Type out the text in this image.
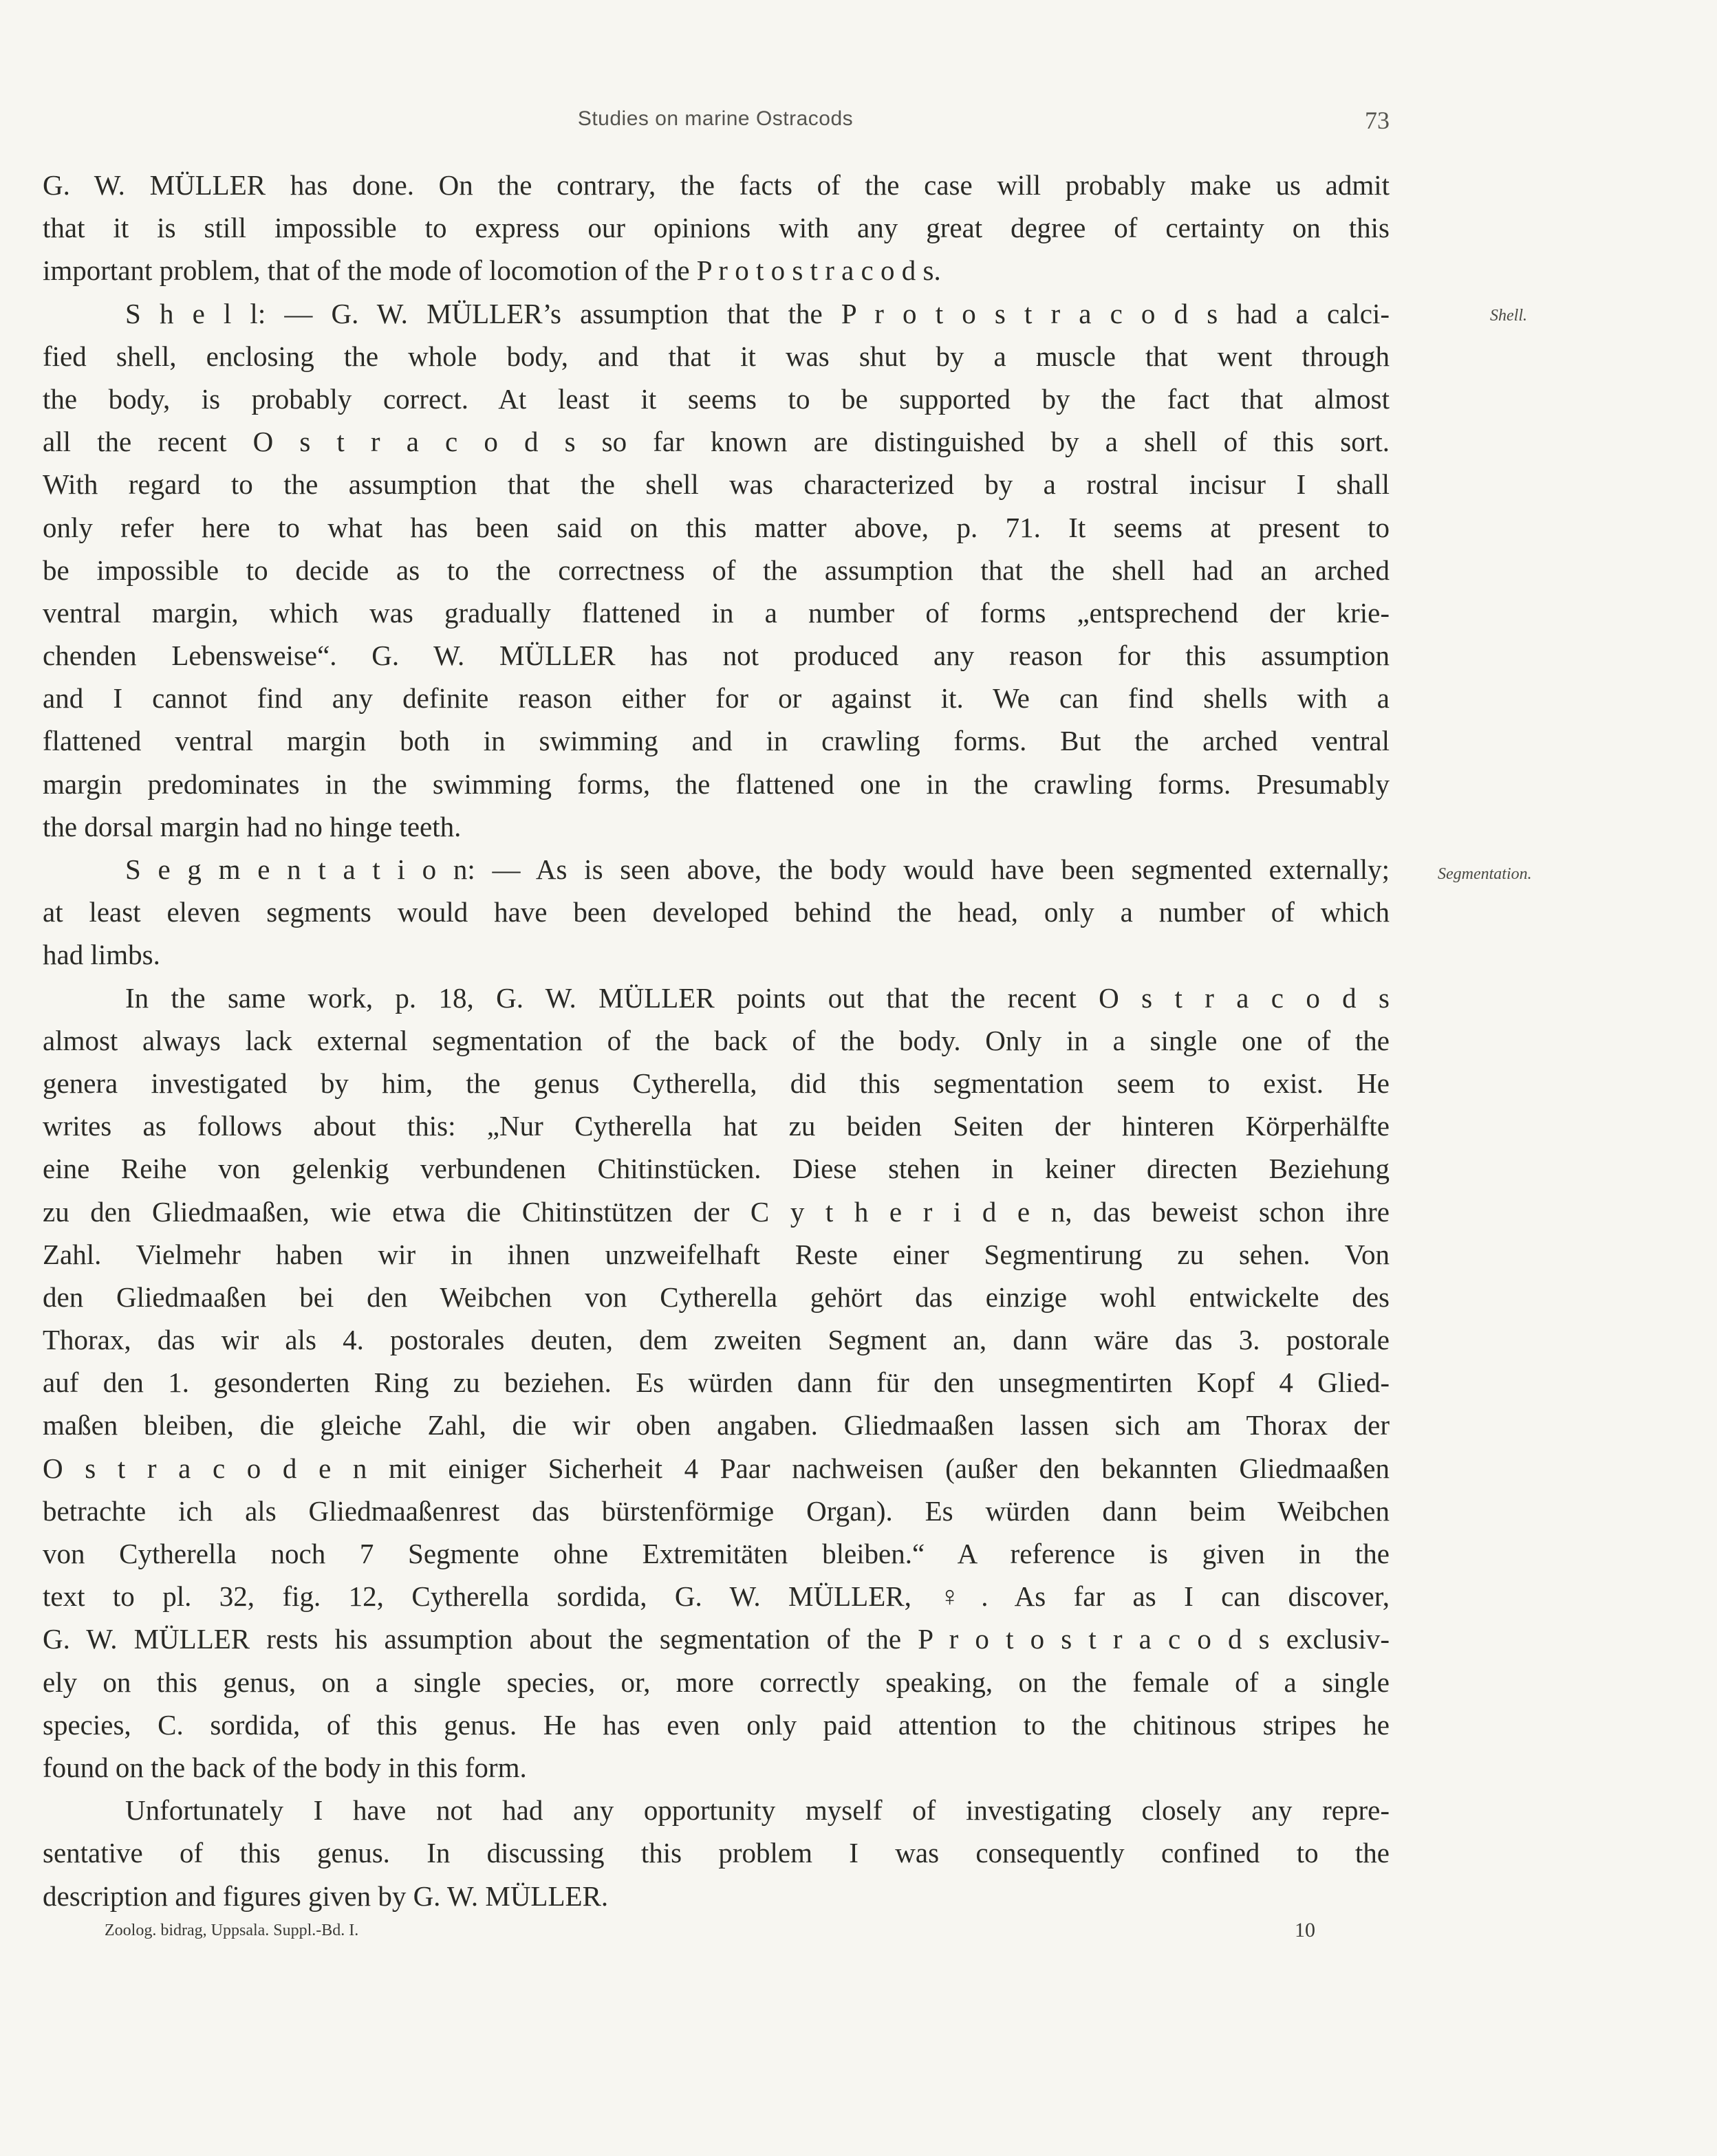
Studies on marine Ostracods	73
G. W. MÜLLER has done. On the contrary, the facts of the case will probably make us admit
that it is still impossible to express our opinions with any great degree of certainty on this
important problem, that of the mode of locomotion of the P r o t o s t r a c o d s.
S h e l l: — G. W. MÜLLER’s assumption that the P r o t o s t r a c o d s had a calci-
fied shell, enclosing the whole body, and that it was shut by a muscle that went through
the body, is probably correct. At least it seems to be supported by the fact that almost
all the recent O s t r a c o d s so far known are distinguished by a shell of this sort.
With regard to the assumption that the shell was characterized by a rostral incisur I shall
only refer here to what has been said on this matter above, p. 71. It seems at present to
be impossible to decide as to the correctness of the assumption that the shell had an arched
ventral margin, which was gradually flattened in a number of forms „entsprechend der krie-
chenden Lebensweise“. G. W. MÜLLER has not produced any reason for this assumption
and I cannot find any definite reason either for or against it. We can find shells with a
flattened ventral margin both in swimming and in crawling forms. But the arched ventral
margin predominates in the swimming forms, the flattened one in the crawling forms. Presumably
the dorsal margin had no hinge teeth.
S e g m e n t a t i o n: — As is seen above, the body would have been segmented externally;
at least eleven segments would have been developed behind the head, only a number of which
had limbs.
In the same work, p. 18, G. W. MÜLLER points out that the recent O s t r a c o d s
almost always lack external segmentation of the back of the body. Only in a single one of the
genera investigated by him, the genus Cytherella, did this segmentation seem to exist. He
writes as follows about this: „Nur Cytherella hat zu beiden Seiten der hinteren Körperhälfte
eine Reihe von gelenkig verbundenen Chitinstücken. Diese stehen in keiner directen Beziehung
zu den Gliedmaaßen, wie etwa die Chitinstützen der C y t h e r i d e n, das beweist schon ihre
Zahl. Vielmehr haben wir in ihnen unzweifelhaft Reste einer Segmentirung zu sehen. Von
den Gliedmaaßen bei den Weibchen von Cytherella gehört das einzige wohl entwickelte des
Thorax, das wir als 4. postorales deuten, dem zweiten Segment an, dann wäre das 3. postorale
auf den 1. gesonderten Ring zu beziehen. Es würden dann für den unsegmentirten Kopf 4 Glied-
maßen bleiben, die gleiche Zahl, die wir oben angaben. Gliedmaaßen lassen sich am Thorax der
O s t r a c o d e n mit einiger Sicherheit 4 Paar nachweisen (außer den bekannten Gliedmaaßen
betrachte ich als Gliedmaaßenrest das bürstenförmige Organ). Es würden dann beim Weibchen
von Cytherella noch 7 Segmente ohne Extremitäten bleiben.“ A reference is given in the
text to pl. 32, fig. 12, Cytherella sordida, G. W. MÜLLER, ♀. As far as I can discover,
G. W. MÜLLER rests his assumption about the segmentation of the P r o t o s t r a c o d s exclusiv-
ely on this genus, on a single species, or, more correctly speaking, on the female of a single
species, C. sordida, of this genus. He has even only paid attention to the chitinous stripes he
found on the back of the body in this form.
Unfortunately I have not had any opportunity myself of investigating closely any repre-
sentative of this genus. In discussing this problem I was consequently confined to the
description and figures given by G. W. MÜLLER.
Shell.
Segmentation.
Zoolog. bidrag, Uppsala. Suppl.-Bd. I.	10
